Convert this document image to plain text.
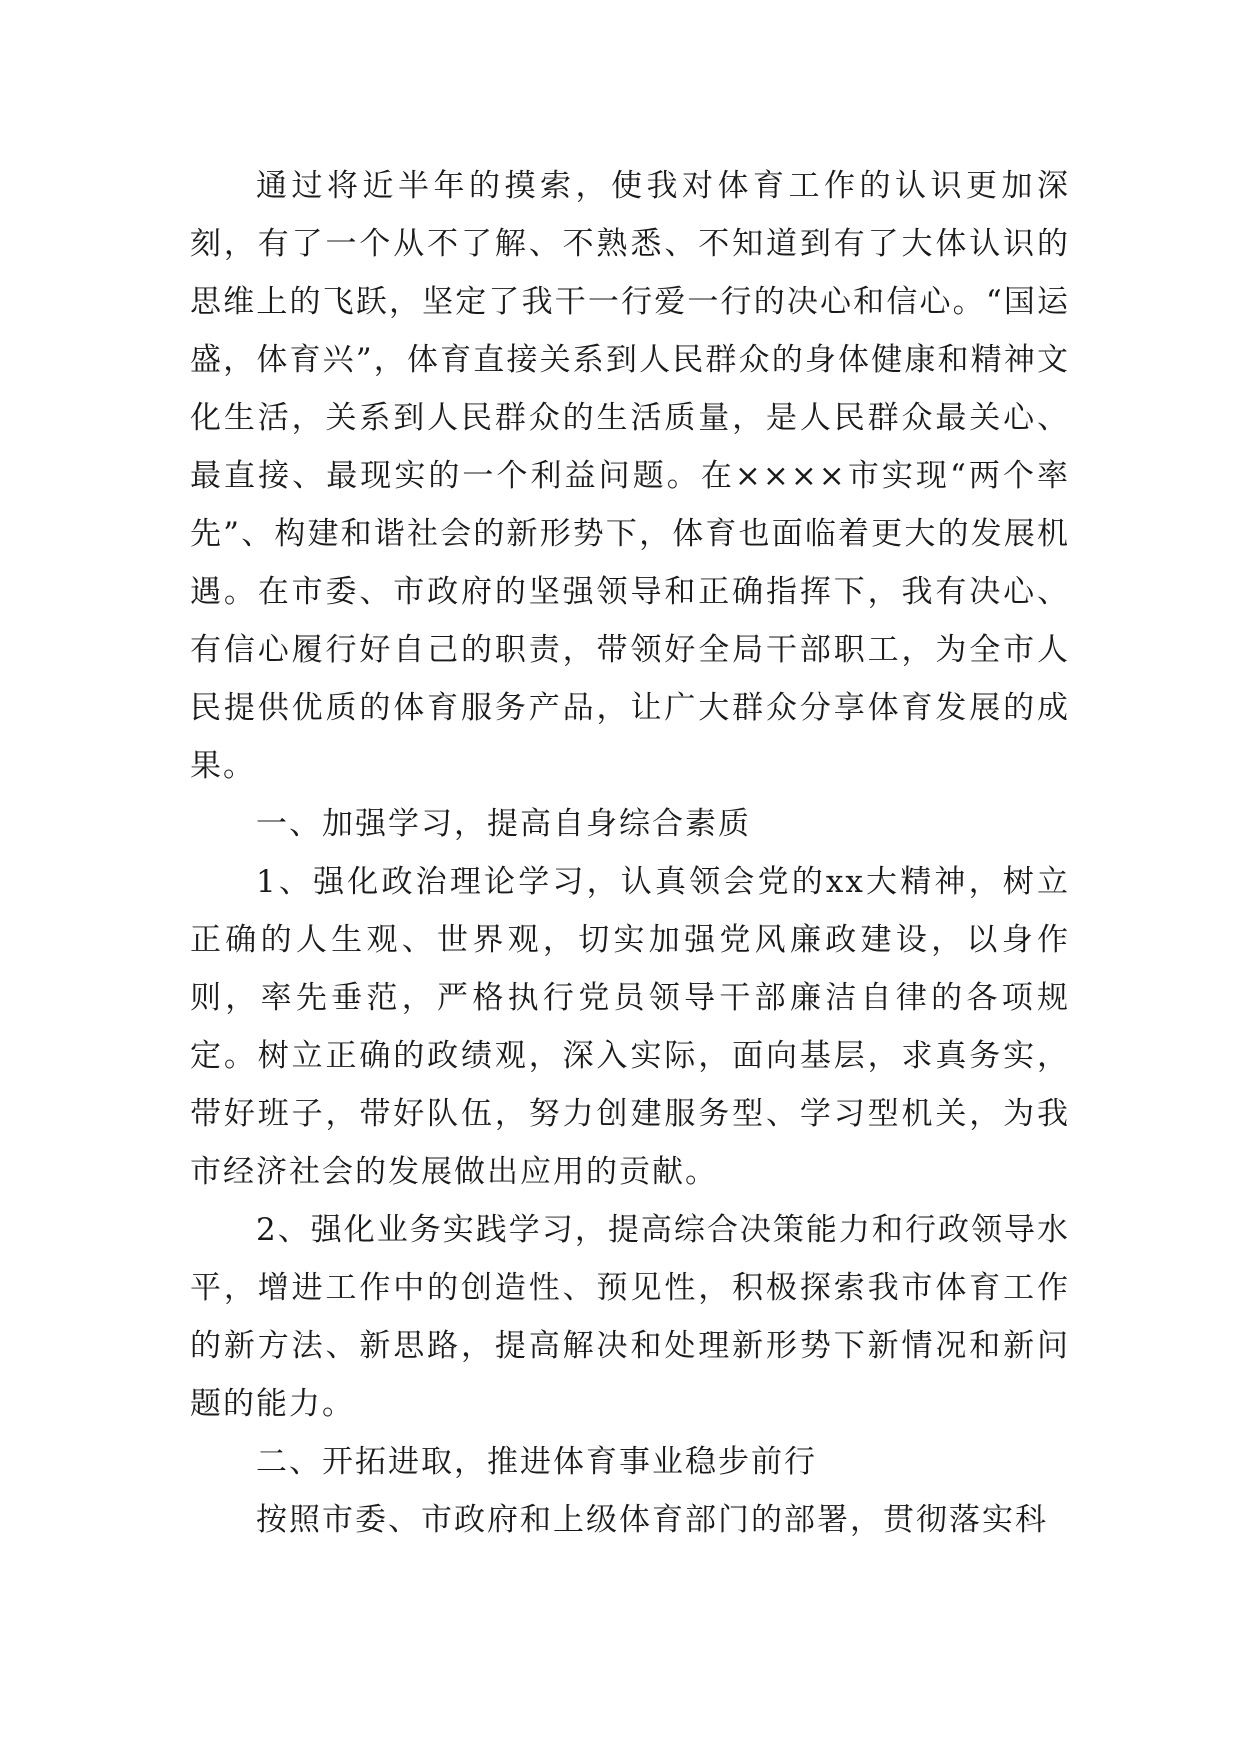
通过将近半年的摸索，使我对体育工作的认识更加深刻，有了一个从不了解、不熟悉、不知道到有了大体认识的思维上的飞跃，坚定了我干一行爱一行的决心和信心。“国运盛，体育兴”，体育直接关系到人民群众的身体健康和精神文化生活，关系到人民群众的生活质量，是人民群众最关心、最直接、最现实的一个利益问题。在××××市实现“两个率先”、构建和谐社会的新形势下，体育也面临着更大的发展机遇。在市委、市政府的坚强领导和正确指挥下，我有决心、有信心履行好自己的职责，带领好全局干部职工，为全市人民提供优质的体育服务产品，让广大群众分享体育发展的成果。

一、加强学习，提高自身综合素质

1、强化政治理论学习，认真领会党的xx大精神，树立正确的人生观、世界观，切实加强党风廉政建设，以身作则，率先垂范，严格执行党员领导干部廉洁自律的各项规定。树立正确的政绩观，深入实际，面向基层，求真务实，带好班子，带好队伍，努力创建服务型、学习型机关，为我市经济社会的发展做出应用的贡献。

2、强化业务实践学习，提高综合决策能力和行政领导水平，增进工作中的创造性、预见性，积极探索我市体育工作的新方法、新思路，提高解决和处理新形势下新情况和新问题的能力。

二、开拓进取，推进体育事业稳步前行

按照市委、市政府和上级体育部门的部署，贯彻落实科
